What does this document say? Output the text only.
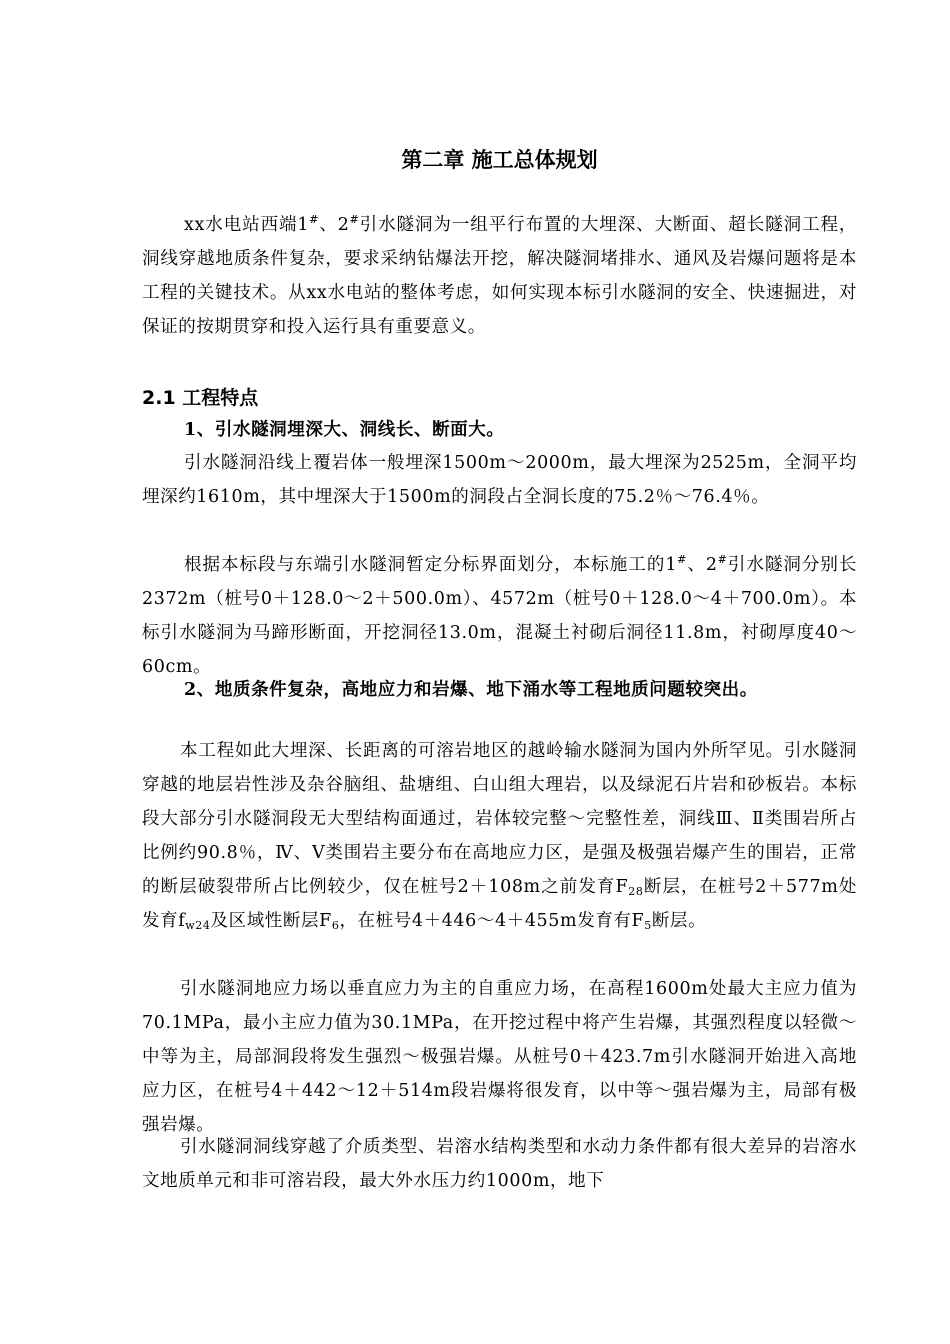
第二章 施工总体规划

xx水电站西端1#、2#引水隧洞为一组平行布置的大埋深、大断面、超长隧洞工程，洞线穿越地质条件复杂，要求采纳钻爆法开挖，解决隧洞堵排水、通风及岩爆问题将是本工程的关键技术。从xx水电站的整体考虑，如何实现本标引水隧洞的安全、快速掘进，对保证的按期贯穿和投入运行具有重要意义。

2.1 工程特点
1、引水隧洞埋深大、洞线长、断面大。

引水隧洞沿线上覆岩体一般埋深1500m～2000m，最大埋深为2525m，全洞平均埋深约1610m，其中埋深大于1500m的洞段占全洞长度的75.2％～76.4％。

根据本标段与东端引水隧洞暂定分标界面划分，本标施工的1#、2#引水隧洞分别长2372m（桩号0＋128.0～2＋500.0m）、4572m（桩号0＋128.0～4＋700.0m）。本标引水隧洞为马蹄形断面，开挖洞径13.0m，混凝土衬砌后洞径11.8m，衬砌厚度40～60cm。

2、地质条件复杂，高地应力和岩爆、地下涌水等工程地质问题较突出。

本工程如此大埋深、长距离的可溶岩地区的越岭输水隧洞为国内外所罕见。引水隧洞穿越的地层岩性涉及杂谷脑组、盐塘组、白山组大理岩，以及绿泥石片岩和砂板岩。本标段大部分引水隧洞段无大型结构面通过，岩体较完整～完整性差，洞线Ⅲ、Ⅱ类围岩所占比例约90.8％，Ⅳ、Ⅴ类围岩主要分布在高地应力区，是强及极强岩爆产生的围岩，正常的断层破裂带所占比例较少，仅在桩号2＋108m之前发育$F_{28}$断层，在桩号2＋577m处发育$f_{w24}$及区域性断层$F_6$，在桩号4＋446～4＋455m发育有$F_5$断层。

引水隧洞地应力场以垂直应力为主的自重应力场，在高程1600m处最大主应力值为70.1MPa，最小主应力值为30.1MPa，在开挖过程中将产生岩爆，其强烈程度以轻微～中等为主，局部洞段将发生强烈～极强岩爆。从桩号0＋423.7m引水隧洞开始进入高地应力区，在桩号4＋442～12＋514m段岩爆将很发育，以中等～强岩爆为主，局部有极强岩爆。

引水隧洞洞线穿越了介质类型、岩溶水结构类型和水动力条件都有很大差异的岩溶水文地质单元和非可溶岩段，最大外水压力约1000m，地下
